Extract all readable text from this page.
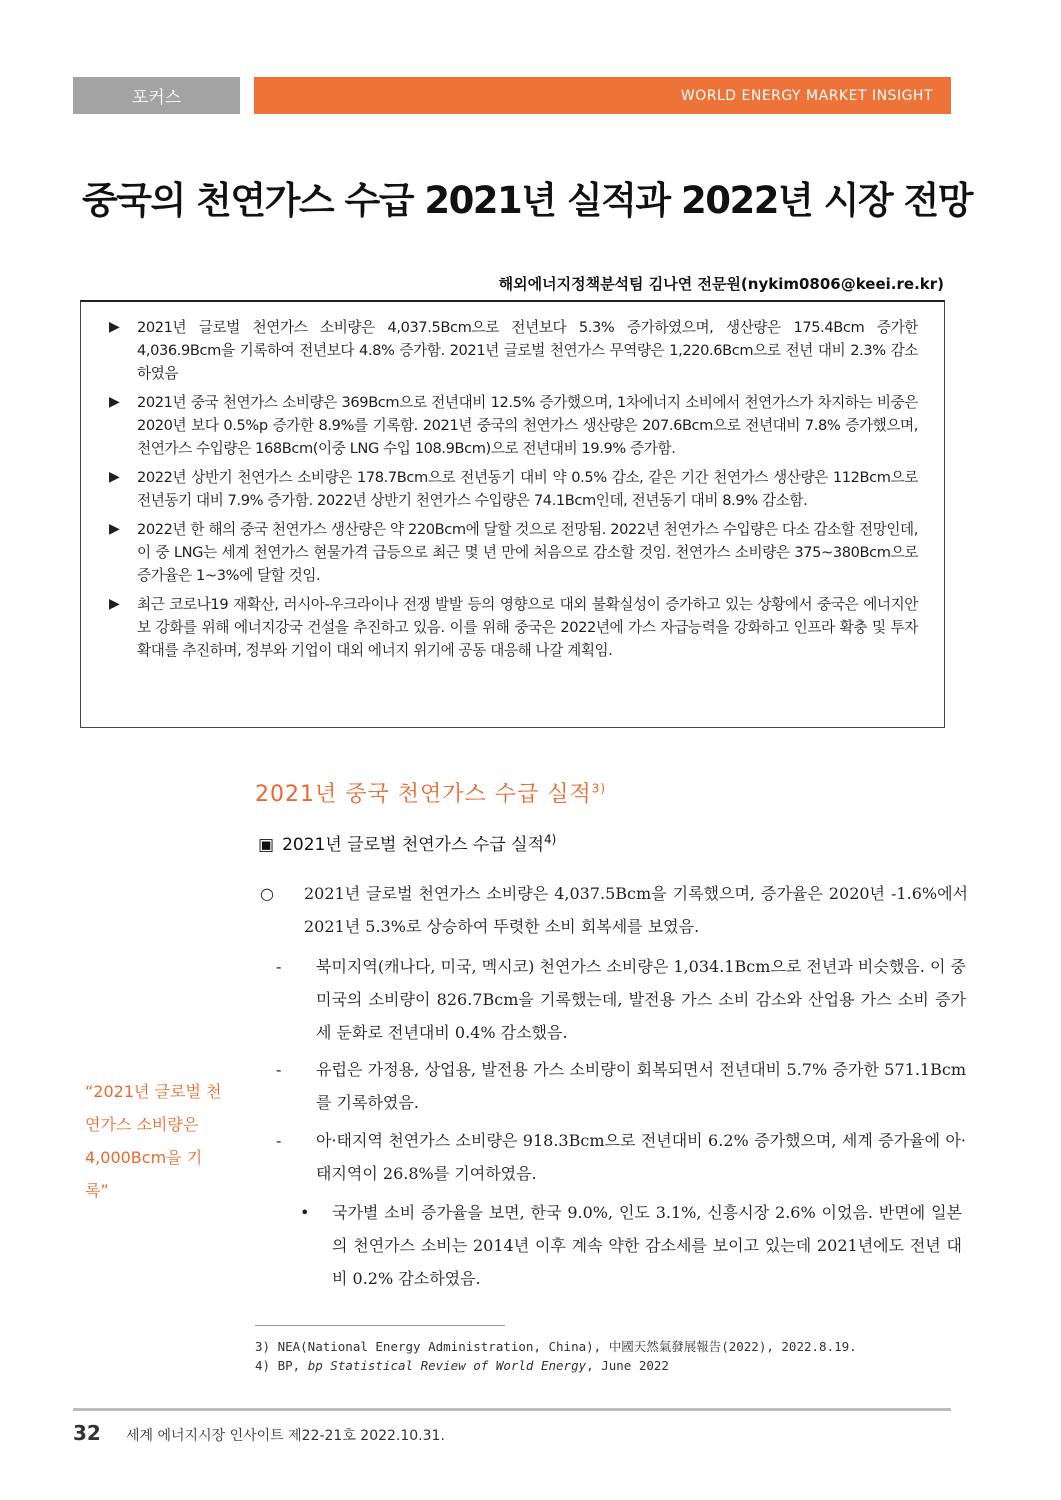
포커스	WORLD ENERGY MARKET INSIGHT
중국의 천연가스 수급 2021년 실적과 2022년 시장 전망
해외에너지정책분석팀 김나연 전문원(nykim0806@keei.re.kr)
▶ 2021년 글로벌 천연가스 소비량은 4,037.5Bcm으로 전년보다 5.3% 증가하였으며, 생산량은 175.4Bcm 증가한 4,036.9Bcm을 기록하여 전년보다 4.8% 증가함. 2021년 글로벌 천연가스 무역량은 1,220.6Bcm으로 전년 대비 2.3% 감소하였음
▶ 2021년 중국 천연가스 소비량은 369Bcm으로 전년대비 12.5% 증가했으며, 1차에너지 소비에서 천연가스가 차지하는 비중은 2020년 보다 0.5%p 증가한 8.9%를 기록함. 2021년 중국의 천연가스 생산량은 207.6Bcm으로 전년대비 7.8% 증가했으며, 천연가스 수입량은 168Bcm(이중 LNG 수입 108.9Bcm)으로 전년대비 19.9% 증가함.
▶ 2022년 상반기 천연가스 소비량은 178.7Bcm으로 전년동기 대비 약 0.5% 감소, 같은 기간 천연가스 생산량은 112Bcm으로 전년동기 대비 7.9% 증가함. 2022년 상반기 천연가스 수입량은 74.1Bcm인데, 전년동기 대비 8.9% 감소함.
▶ 2022년 한 해의 중국 천연가스 생산량은 약 220Bcm에 달할 것으로 전망됨. 2022년 천연가스 수입량은 다소 감소할 전망인데, 이 중 LNG는 세계 천연가스 현물가격 급등으로 최근 몇 년 만에 처음으로 감소할 것임. 천연가스 소비량은 375~380Bcm으로 증가율은 1~3%에 달할 것임.
▶ 최근 코로나19 재확산, 러시아-우크라이나 전쟁 발발 등의 영향으로 대외 불확실성이 증가하고 있는 상황에서 중국은 에너지안보 강화를 위해 에너지강국 건설을 추진하고 있음. 이를 위해 중국은 2022년에 가스 자급능력을 강화하고 인프라 확충 및 투자확대를 추진하며, 정부와 기업이 대외 에너지 위기에 공동 대응해 나갈 계획임.
2021년 중국 천연가스 수급 실적$^{3)}$
▣ 2021년 글로벌 천연가스 수급 실적$^{4)}$
○ 2021년 글로벌 천연가스 소비량은 4,037.5Bcm을 기록했으며, 증가율은 2020년 -1.6%에서 2021년 5.3%로 상승하여 뚜렷한 소비 회복세를 보였음.
- 북미지역(캐나다, 미국, 멕시코) 천연가스 소비량은 1,034.1Bcm으로 전년과 비슷했음. 이 중 미국의 소비량이 826.7Bcm을 기록했는데, 발전용 가스 소비 감소와 산업용 가스 소비 증가세 둔화로 전년대비 0.4% 감소했음.
- 유럽은 가정용, 상업용, 발전용 가스 소비량이 회복되면서 전년대비 5.7% 증가한 571.1Bcm를 기록하였음.
- 아·태지역 천연가스 소비량은 918.3Bcm으로 전년대비 6.2% 증가했으며, 세계 증가율에 아·태지역이 26.8%를 기여하였음.
• 국가별 소비 증가율을 보면, 한국 9.0%, 인도 3.1%, 신흥시장 2.6% 이었음. 반면에 일본의 천연가스 소비는 2014년 이후 계속 약한 감소세를 보이고 있는데 2021년에도 전년 대비 0.2% 감소하였음.
“2021년 글로벌 천연가스 소비량은 4,000Bcm을 기록”
3) NEA(National Energy Administration, China), 中國天然氣發展報告(2022), 2022.8.19.
4) BP, bp Statistical Review of World Energy, June 2022
32 세계 에너지시장 인사이트 제22-21호 2022.10.31.
